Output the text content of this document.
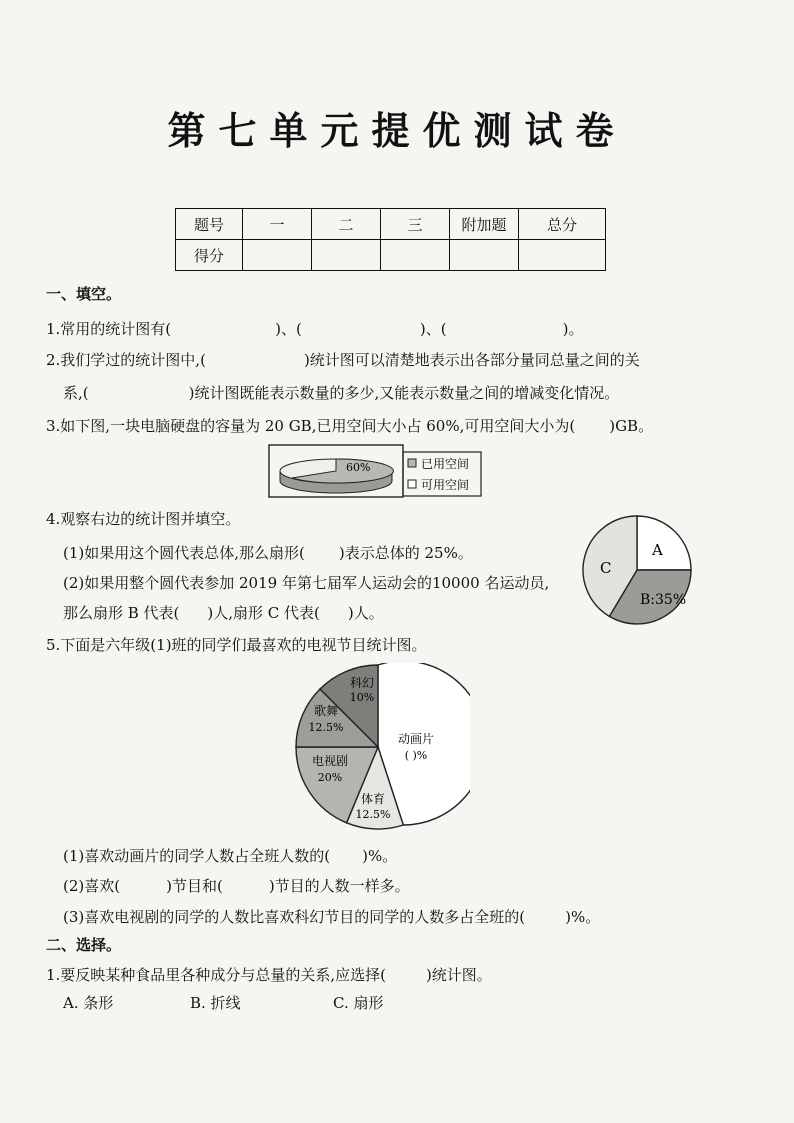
第七单元提优测试卷
题号	一	二	三	附加题	总分
得分					
一、填空。
1.常用的统计图有(	)、(	)、(	)。
2.我们学过的统计图中,(	)统计图可以清楚地表示出各部分量同总量之间的关
系,(	)统计图既能表示数量的多少,又能表示数量之间的增减变化情况。
3.如下图,一块电脑硬盘的容量为 20 GB,已用空间大小占 60%,可用空间大小为( )GB。
60%	已用空间
可用空间
4.观察右边的统计图并填空。
(1)如果用这个圆代表总体,那么扇形( )表示总体的 25%。
(2)如果用整个圆代表参加 2019 年第七届军人运动会的10000 名运动员,
那么扇形 B 代表( )人,扇形 C 代表( )人。
A
B:35%
C
5.下面是六年级(1)班的同学们最喜欢的电视节目统计图。
科幻
10%
歌舞
12.5%
电视剧
20%
体育
12.5%
动画片
( )%
(1)喜欢动画片的同学人数占全班人数的( )%。
(2)喜欢(	)节目和(	)节目的人数一样多。
(3)喜欢电视剧的同学的人数比喜欢科幻节目的同学的人数多占全班的(	)%。
二、选择。
1.要反映某种食品里各种成分与总量的关系,应选择(	)统计图。
A. 条形	B. 折线	C. 扇形
